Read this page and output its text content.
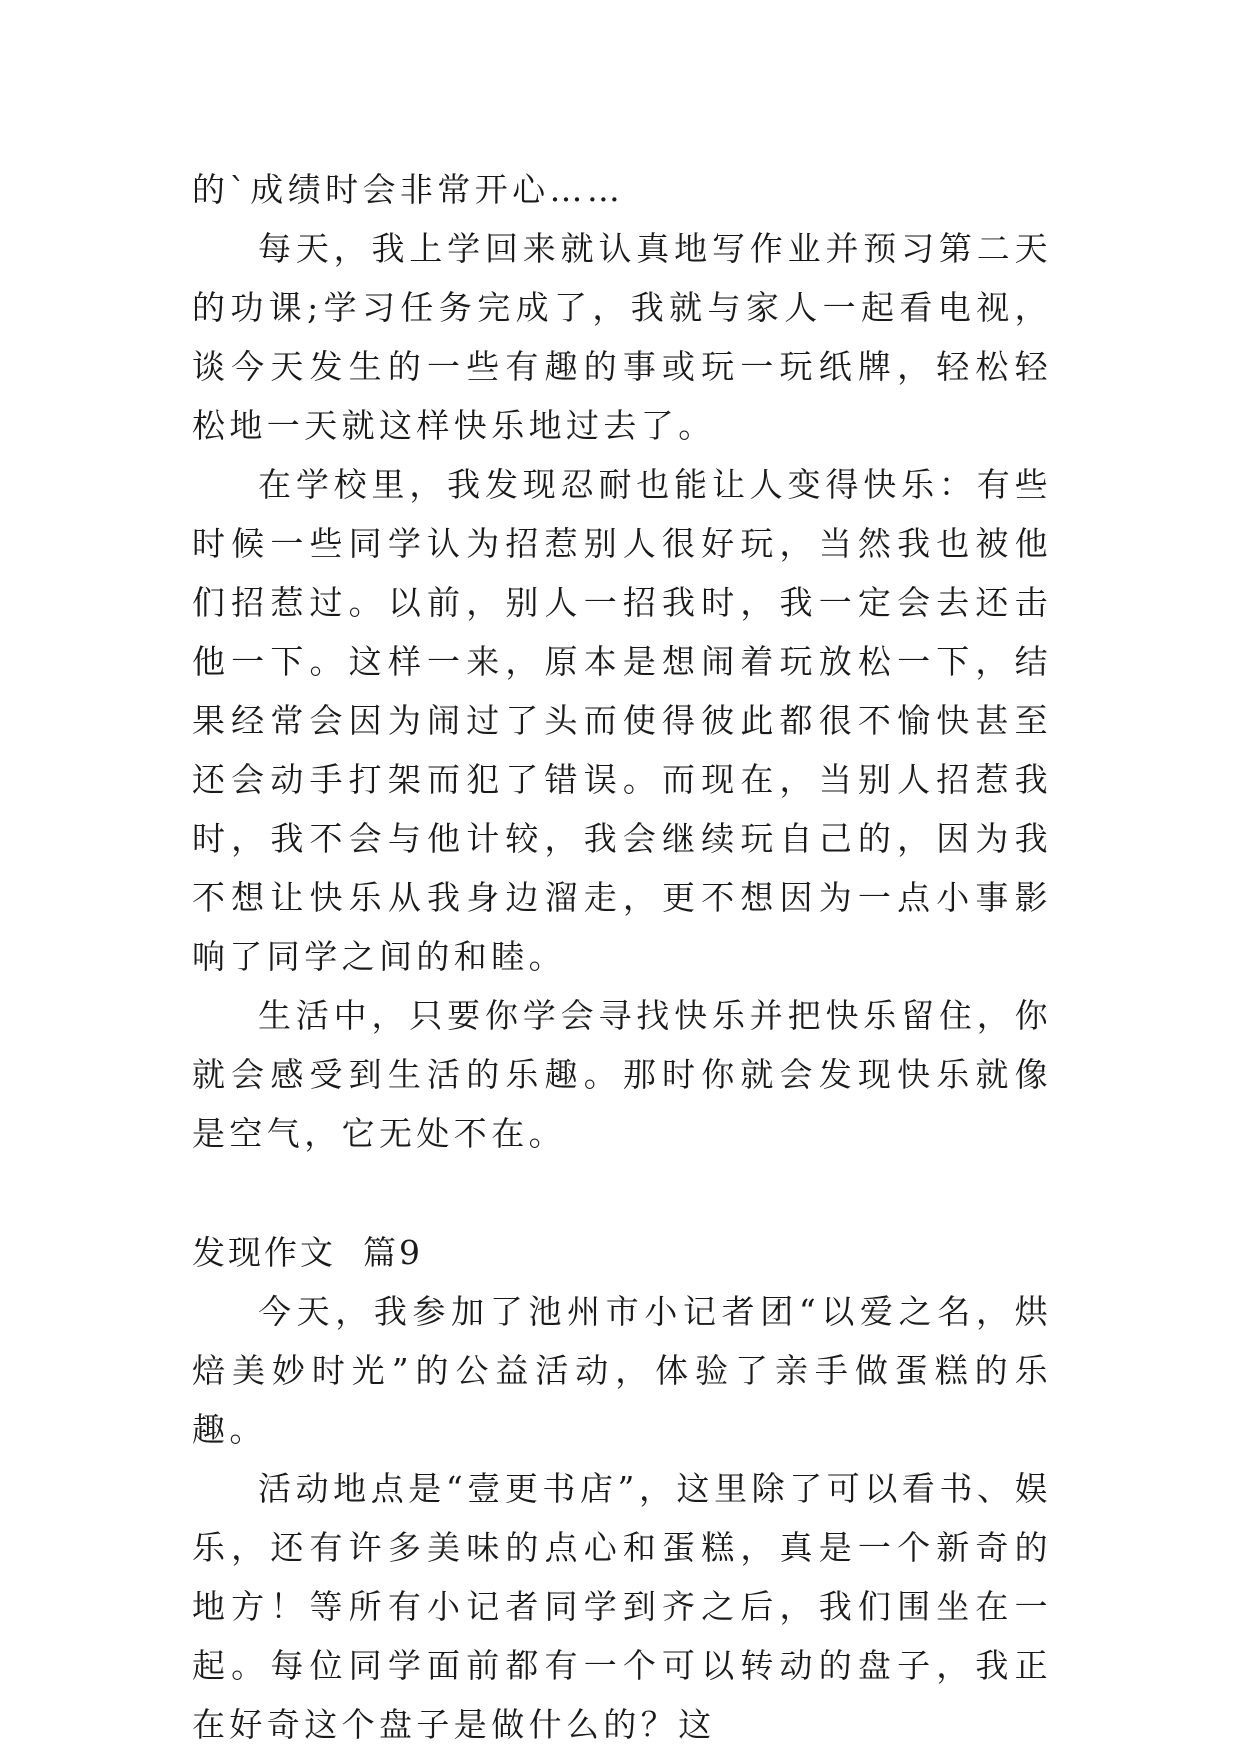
的`成绩时会非常开心……

每天，我上学回来就认真地写作业并预习第二天的功课;学习任务完成了，我就与家人一起看电视，谈今天发生的一些有趣的事或玩一玩纸牌，轻松轻松地一天就这样快乐地过去了。

在学校里，我发现忍耐也能让人变得快乐：有些时候一些同学认为招惹别人很好玩，当然我也被他们招惹过。以前，别人一招我时，我一定会去还击他一下。这样一来，原本是想闹着玩放松一下，结果经常会因为闹过了头而使得彼此都很不愉快甚至还会动手打架而犯了错误。而现在，当别人招惹我时，我不会与他计较，我会继续玩自己的，因为我不想让快乐从我身边溜走，更不想因为一点小事影响了同学之间的和睦。

生活中，只要你学会寻找快乐并把快乐留住，你就会感受到生活的乐趣。那时你就会发现快乐就像是空气，它无处不在。

发现作文  篇9

今天，我参加了池州市小记者团“以爱之名，烘焙美妙时光”的公益活动，体验了亲手做蛋糕的乐趣。

活动地点是“壹更书店”，这里除了可以看书、娱乐，还有许多美味的点心和蛋糕，真是一个新奇的地方！等所有小记者同学到齐之后，我们围坐在一起。每位同学面前都有一个可以转动的盘子，我正在好奇这个盘子是做什么的？这
